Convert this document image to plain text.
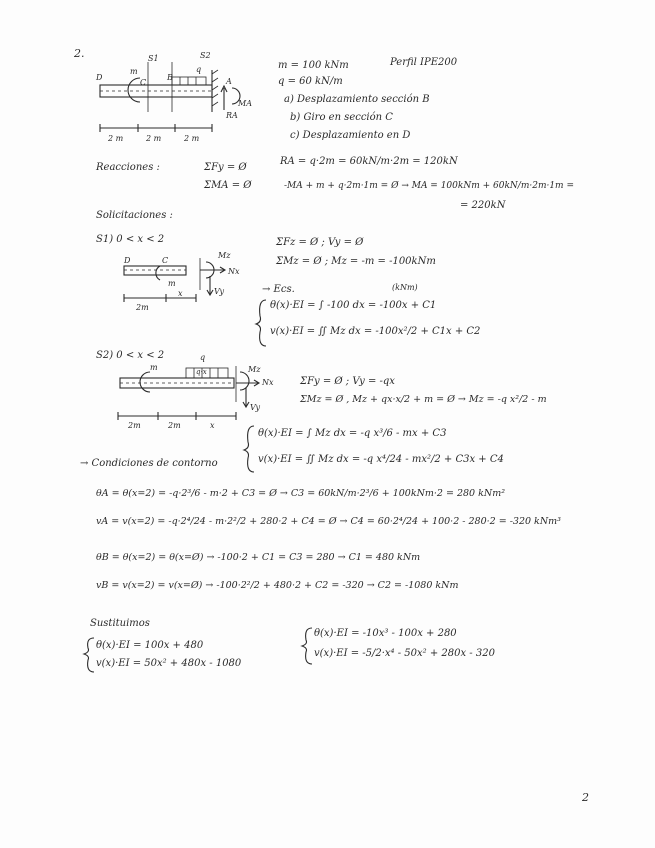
2.
Perfil IPE200
m = 100 kNm
q = 60 kN/m
a) Desplazamiento sección B
b) Giro en sección C
c) Desplazamiento en D
S1	S2
D
C
B	A
m	q
MA
RA
2 m	2 m	2 m
Reacciones :	ΣFy = Ø
ΣMA = Ø
RA = q·2m = 60kN/m·2m = 120kN
-MA + m + q·2m·1m = Ø → MA = 100kNm + 60kN/m·2m·1m =
= 220kN
Solicitaciones :
S1) 0 < x < 2	ΣFz = Ø ; Vy = Ø
ΣMz = Ø ; Mz = -m = -100kNm
D	C
m
Mz
Nx
Vy
2m
x	→ Ecs.	(kNm)
θ(x)·EI = ∫ -100 dx = -100x + C1
v(x)·EI = ∬ Mz dx = -100x²/2 + C1x + C2
S2) 0 < x < 2
m
q
q·x	Mz
Nx
Vy
2m	2m	x
ΣFy = Ø ; Vy = -qx
ΣMz = Ø , Mz + qx·x/2 + m = Ø → Mz = -q x²/2 - m
θ(x)·EI = ∫ Mz dx = -q x³/6 - mx + C3
v(x)·EI = ∬ Mz dx = -q x⁴/24 - mx²/2 + C3x + C4
→ Condiciones de contorno
θA = θ(x=2) = -q·2³/6 - m·2 + C3 = Ø → C3 = 60kN/m·2³/6 + 100kNm·2 = 280 kNm²
vA = v(x=2) = -q·2⁴/24 - m·2²/2 + 280·2 + C4 = Ø → C4 = 60·2⁴/24 + 100·2 - 280·2 = -320 kNm³
θB = θ(x=2) = θ(x=Ø) → -100·2 + C1 = C3 = 280 → C1 = 480 kNm
vB = v(x=2) = v(x=Ø) → -100·2²/2 + 480·2 + C2 = -320 → C2 = -1080 kNm
Sustituimos
θ(x)·EI = 100x + 480
v(x)·EI = 50x² + 480x - 1080
θ(x)·EI = -10x³ - 100x + 280
v(x)·EI = -5/2·x⁴ - 50x² + 280x - 320
2
